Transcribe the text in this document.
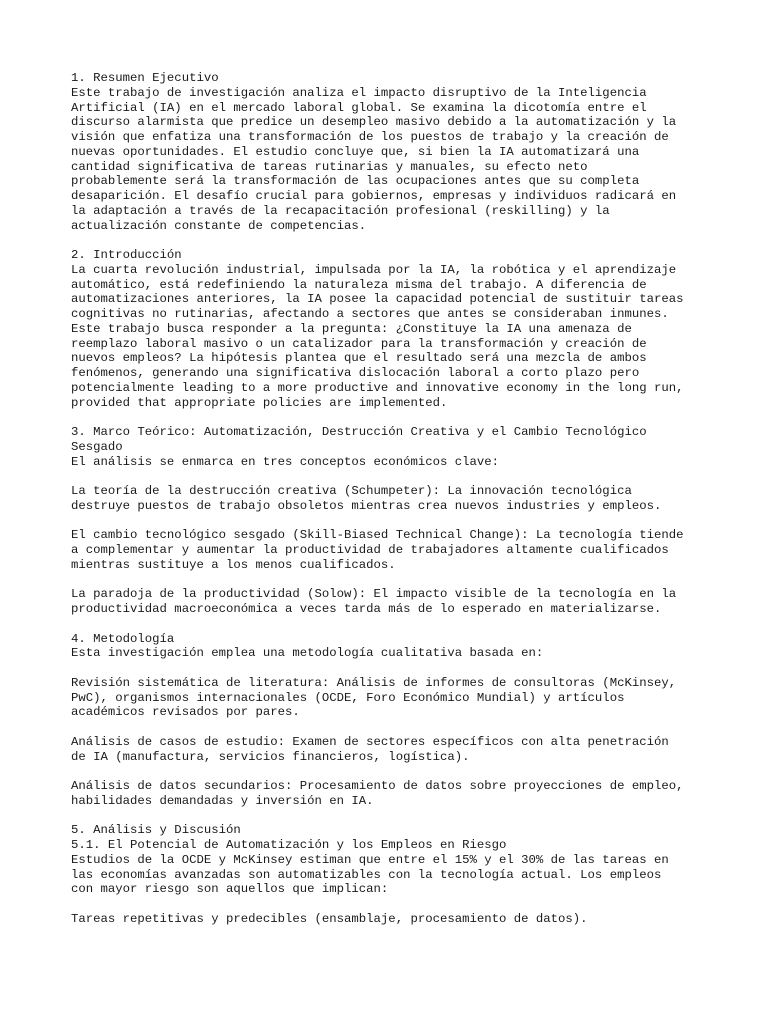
1. Resumen Ejecutivo
Este trabajo de investigación analiza el impacto disruptivo de la Inteligencia
Artificial (IA) en el mercado laboral global. Se examina la dicotomía entre el
discurso alarmista que predice un desempleo masivo debido a la automatización y la
visión que enfatiza una transformación de los puestos de trabajo y la creación de
nuevas oportunidades. El estudio concluye que, si bien la IA automatizará una
cantidad significativa de tareas rutinarias y manuales, su efecto neto
probablemente será la transformación de las ocupaciones antes que su completa
desaparición. El desafío crucial para gobiernos, empresas y individuos radicará en
la adaptación a través de la recapacitación profesional (reskilling) y la
actualización constante de competencias.

2. Introducción
La cuarta revolución industrial, impulsada por la IA, la robótica y el aprendizaje
automático, está redefiniendo la naturaleza misma del trabajo. A diferencia de
automatizaciones anteriores, la IA posee la capacidad potencial de sustituir tareas
cognitivas no rutinarias, afectando a sectores que antes se consideraban inmunes.
Este trabajo busca responder a la pregunta: ¿Constituye la IA una amenaza de
reemplazo laboral masivo o un catalizador para la transformación y creación de
nuevos empleos? La hipótesis plantea que el resultado será una mezcla de ambos
fenómenos, generando una significativa dislocación laboral a corto plazo pero
potencialmente leading to a more productive and innovative economy in the long run,
provided that appropriate policies are implemented.

3. Marco Teórico: Automatización, Destrucción Creativa y el Cambio Tecnológico
Sesgado
El análisis se enmarca en tres conceptos económicos clave:

La teoría de la destrucción creativa (Schumpeter): La innovación tecnológica
destruye puestos de trabajo obsoletos mientras crea nuevos industries y empleos.

El cambio tecnológico sesgado (Skill-Biased Technical Change): La tecnología tiende
a complementar y aumentar la productividad de trabajadores altamente cualificados
mientras sustituye a los menos cualificados.

La paradoja de la productividad (Solow): El impacto visible de la tecnología en la
productividad macroeconómica a veces tarda más de lo esperado en materializarse.

4. Metodología
Esta investigación emplea una metodología cualitativa basada en:

Revisión sistemática de literatura: Análisis de informes de consultoras (McKinsey,
PwC), organismos internacionales (OCDE, Foro Económico Mundial) y artículos
académicos revisados por pares.

Análisis de casos de estudio: Examen de sectores específicos con alta penetración
de IA (manufactura, servicios financieros, logística).

Análisis de datos secundarios: Procesamiento de datos sobre proyecciones de empleo,
habilidades demandadas y inversión en IA.

5. Análisis y Discusión
5.1. El Potencial de Automatización y los Empleos en Riesgo
Estudios de la OCDE y McKinsey estiman que entre el 15% y el 30% de las tareas en
las economías avanzadas son automatizables con la tecnología actual. Los empleos
con mayor riesgo son aquellos que implican:

Tareas repetitivas y predecibles (ensamblaje, procesamiento de datos).
